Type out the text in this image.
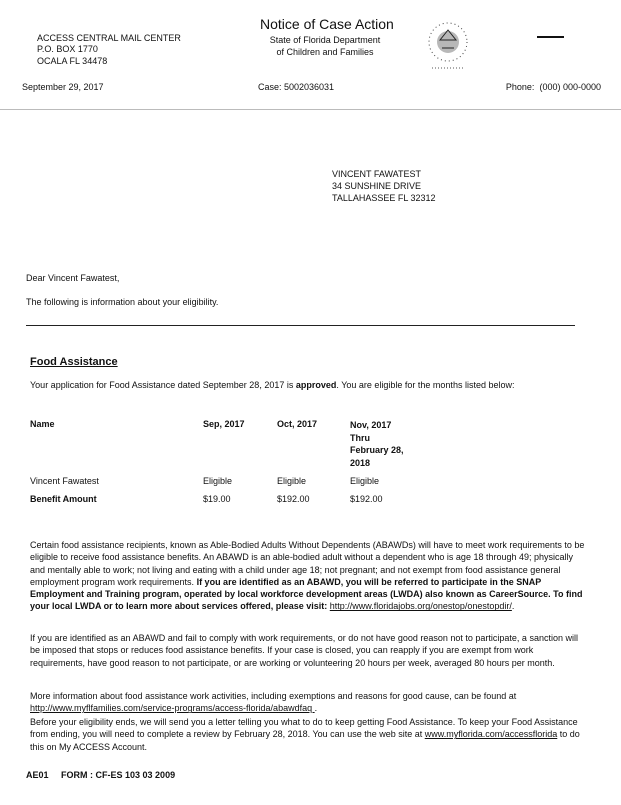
Notice of Case Action
State of Florida Department
of Children and Families
ACCESS CENTRAL MAIL CENTER
P.O. BOX 1770
OCALA FL 34478
September 29, 2017	Case: 5002036031	Phone: (000) 000-0000
VINCENT FAWATEST
34 SUNSHINE DRIVE
TALLAHASSEE FL 32312
Dear Vincent Fawatest,
The following is information about your eligibility.
Food Assistance
Your application for Food Assistance dated September 28, 2017 is approved. You are eligible for the months listed below:
Name	Sep, 2017	Oct, 2017	Nov, 2017
Thru
February 28,
2018
Vincent Fawatest	Eligible	Eligible	Eligible
Benefit Amount	$19.00	$192.00	$192.00
Certain food assistance recipients, known as Able-Bodied Adults Without Dependents (ABAWDs) will have to meet work requirements to be eligible to receive food assistance benefits. An ABAWD is an able-bodied adult without a dependent who is age 18 through 49; physically and mentally able to work; not living and eating with a child under age 18; not pregnant; and not exempt from food assistance general employment program work requirements. If you are identified as an ABAWD, you will be referred to participate in the SNAP Employment and Training program, operated by local workforce development areas (LWDA) also known as CareerSource. To find your local LWDA or to learn more about services offered, please visit: http://www.floridajobs.org/onestop/onestopdir/.
If you are identified as an ABAWD and fail to comply with work requirements, or do not have good reason not to participate, a sanction will be imposed that stops or reduces food assistance benefits. If your case is closed, you can reapply if you are exempt from work requirements, have good reason to not participate, or are working or volunteering 20 hours per week, averaged 80 hours per month.
More information about food assistance work activities, including exemptions and reasons for good cause, can be found at http://www.myflfamilies.com/service-programs/access-florida/abawdfaq .
Before your eligibility ends, we will send you a letter telling you what to do to keep getting Food Assistance. To keep your Food Assistance from ending, you will need to complete a review by February 28, 2018. You can use the web site at www.myflorida.com/accessflorida to do this on My ACCESS Account.
AE01 FORM : CF-ES 103 03 2009
